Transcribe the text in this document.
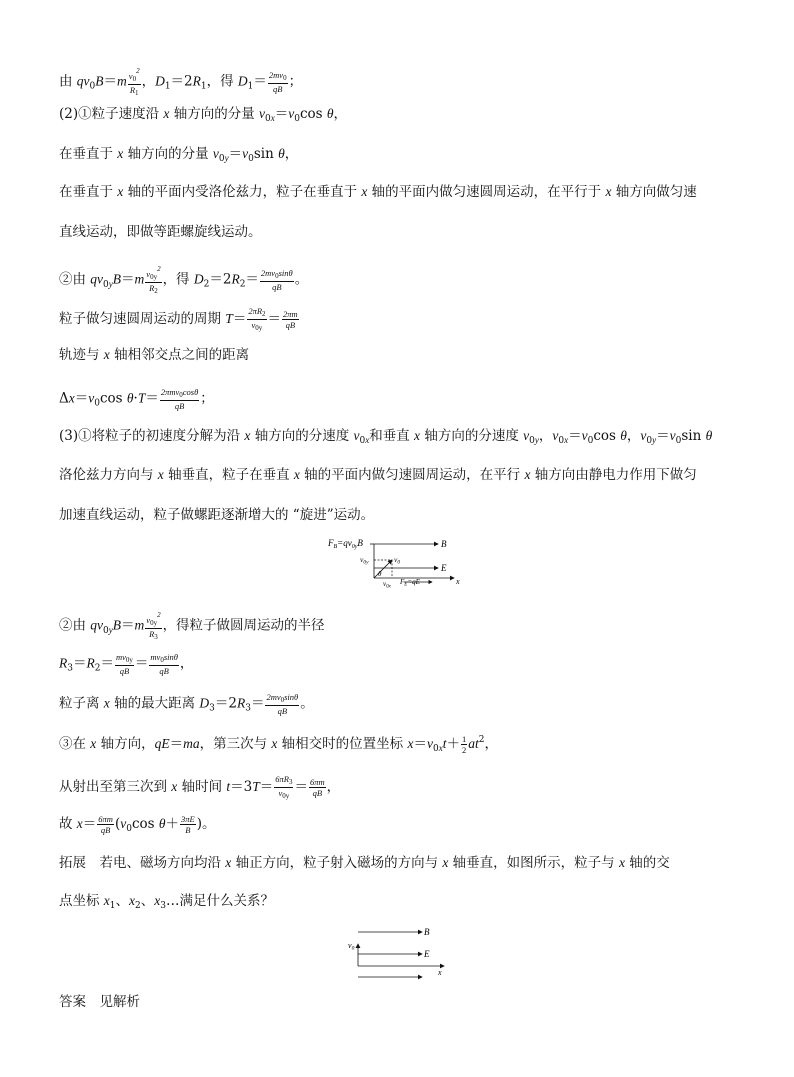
由 $qv_0B=m \frac{v_0^2}{R_1}$ ，$D_1=2R_1$，得 $D_1= \frac{2mv_0}{qB}$ ；
(2)①粒子速度沿 x 轴方向的分量 $v_{0x}=v_0\cos$ θ，
在垂直于 x 轴方向的分量 $v_{0y}=v_0\sin$ θ，
在垂直于 x 轴的平面内受洛伦兹力，粒子在垂直于 x 轴的平面内做匀速圆周运动，在平行于 x 轴方向做匀速
直线运动，即做等距螺旋线运动。
②由 $qv_{0y}B=m \frac{v_{0y}^2}{R_2}$ ，得 $D_2=2R_2= \frac{2mv_0\sin\theta}{qB}$ 。
粒子做匀速圆周运动的周期 $T= \frac{2\pi R_2}{v_{0y}} = \frac{2\pi m}{qB}$
轨迹与 x 轴相邻交点之间的距离
$\Delta x=v_0\cos$ $\theta\cdot T= \frac{2\pi mv_0\cos\theta}{qB}$ ；
(3)①将粒子的初速度分解为沿 x 轴方向的分速度 $v_{0x}$和垂直 x 轴方向的分速度 $v_{0y}$，$v_{0x}=v_0\cos$ θ，$v_{0y}=v_0\sin$ θ
洛伦兹力方向与 x 轴垂直，粒子在垂直 x 轴的平面内做匀速圆周运动，在平行 x 轴方向由静电力作用下做匀
加速直线运动，粒子做螺距逐渐增大的 “旋进”运动。
$F_B=qv_{0y}B$	B
$v_{0y}$	$v_0$
E
θ
x
$v_{0x}$
$F_E=qE$
②由 $qv_{0y}B=m \frac{v_{0y}^2}{R_3}$ ，得粒子做圆周运动的半径
$R_3=R_2= \frac{mv_{0y}}{qB} = \frac{mv_0\sin\theta}{qB}$ ，
粒子离 x 轴的最大距离 $D_3=2R_3= \frac{2mv_0\sin\theta}{qB}$ 。
③在 x 轴方向，qE＝ma，第三次与 x 轴相交时的位置坐标 $x=v_{0x}t+ \frac{1}{2} at^2$，
从射出至第三次到 x 轴时间 $t=3T= \frac{6\pi R_3}{v_{0y}} = \frac{6\pi m}{qB}$ ，
故 $x= \frac{6\pi m}{qB} (v_0\cos$ $\theta+ \frac{3\pi E}{B}$ )。
拓展　若电、磁场方向均沿 x 轴正方向，粒子射入磁场的方向与 x 轴垂直，如图所示，粒子与 x 轴的交
点坐标 $x_1$、$x_2$、$x_3\dots$满足什么关系？
B
v0
E
x
答案　见解析
